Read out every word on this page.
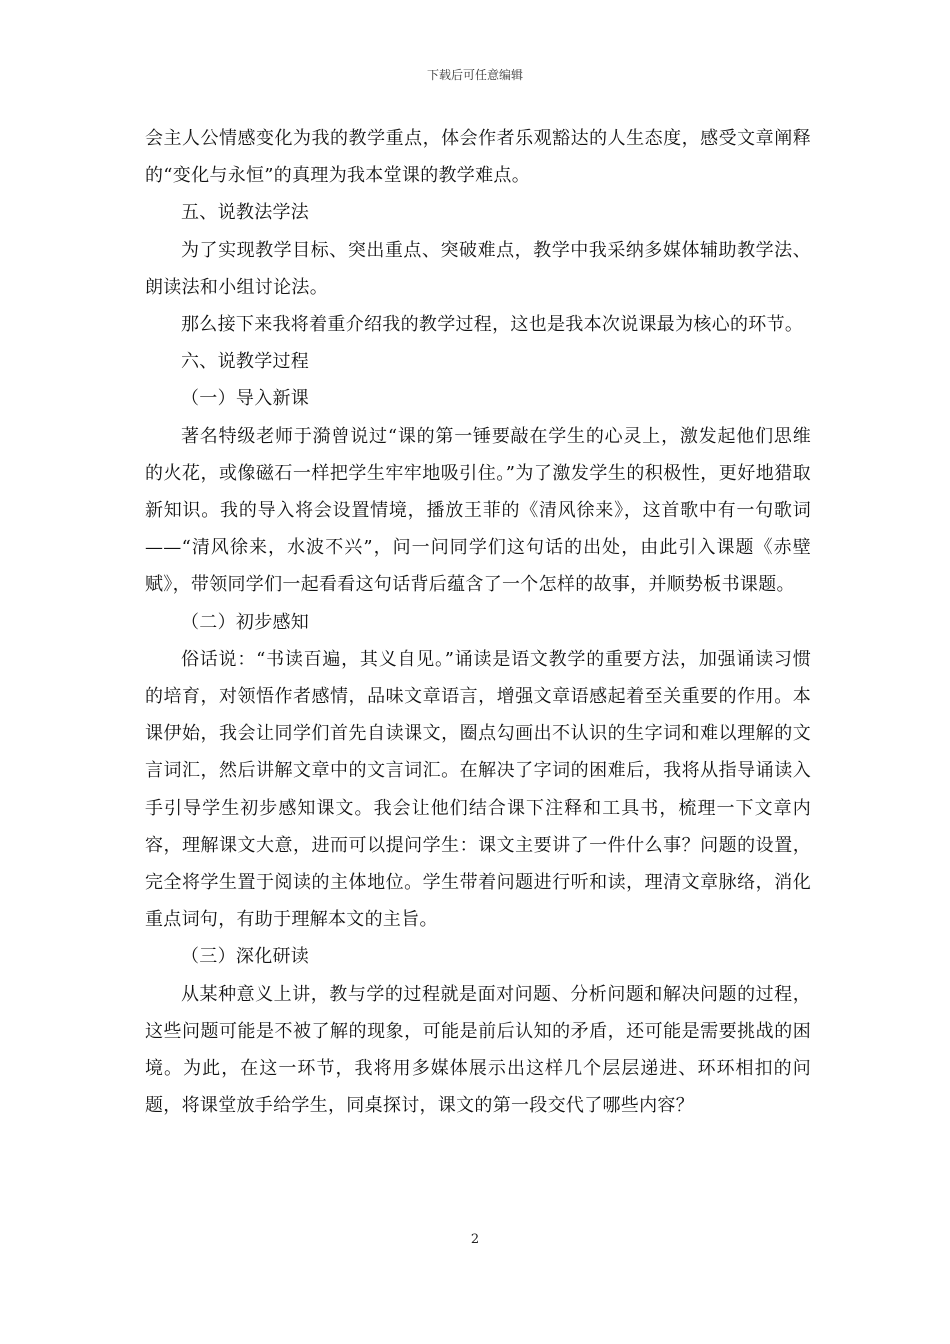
下载后可任意编辑

会主人公情感变化为我的教学重点，体会作者乐观豁达的人生态度，感受文章阐释的“变化与永恒”的真理为我本堂课的教学难点。

五、说教法学法

为了实现教学目标、突出重点、突破难点，教学中我采纳多媒体辅助教学法、朗读法和小组讨论法。

那么接下来我将着重介绍我的教学过程，这也是我本次说课最为核心的环节。

六、说教学过程

（一）导入新课

著名特级老师于漪曾说过“课的第一锤要敲在学生的心灵上，激发起他们思维的火花，或像磁石一样把学生牢牢地吸引住。”为了激发学生的积极性，更好地猎取新知识。我的导入将会设置情境，播放王菲的《清风徐来》，这首歌中有一句歌词——“清风徐来，水波不兴”，问一问同学们这句话的出处，由此引入课题《赤壁赋》，带领同学们一起看看这句话背后蕴含了一个怎样的故事，并顺势板书课题。

（二）初步感知

俗话说：“书读百遍，其义自见。”诵读是语文教学的重要方法，加强诵读习惯的培育，对领悟作者感情，品味文章语言，增强文章语感起着至关重要的作用。本课伊始，我会让同学们首先自读课文，圈点勾画出不认识的生字词和难以理解的文言词汇，然后讲解文章中的文言词汇。在解决了字词的困难后，我将从指导诵读入手引导学生初步感知课文。我会让他们结合课下注释和工具书，梳理一下文章内容，理解课文大意，进而可以提问学生：课文主要讲了一件什么事？问题的设置，完全将学生置于阅读的主体地位。学生带着问题进行听和读，理清文章脉络，消化重点词句，有助于理解本文的主旨。

（三）深化研读

从某种意义上讲，教与学的过程就是面对问题、分析问题和解决问题的过程，这些问题可能是不被了解的现象，可能是前后认知的矛盾，还可能是需要挑战的困境。为此，在这一环节，我将用多媒体展示出这样几个层层递进、环环相扣的问题，将课堂放手给学生，同桌探讨，课文的第一段交代了哪些内容？

2
